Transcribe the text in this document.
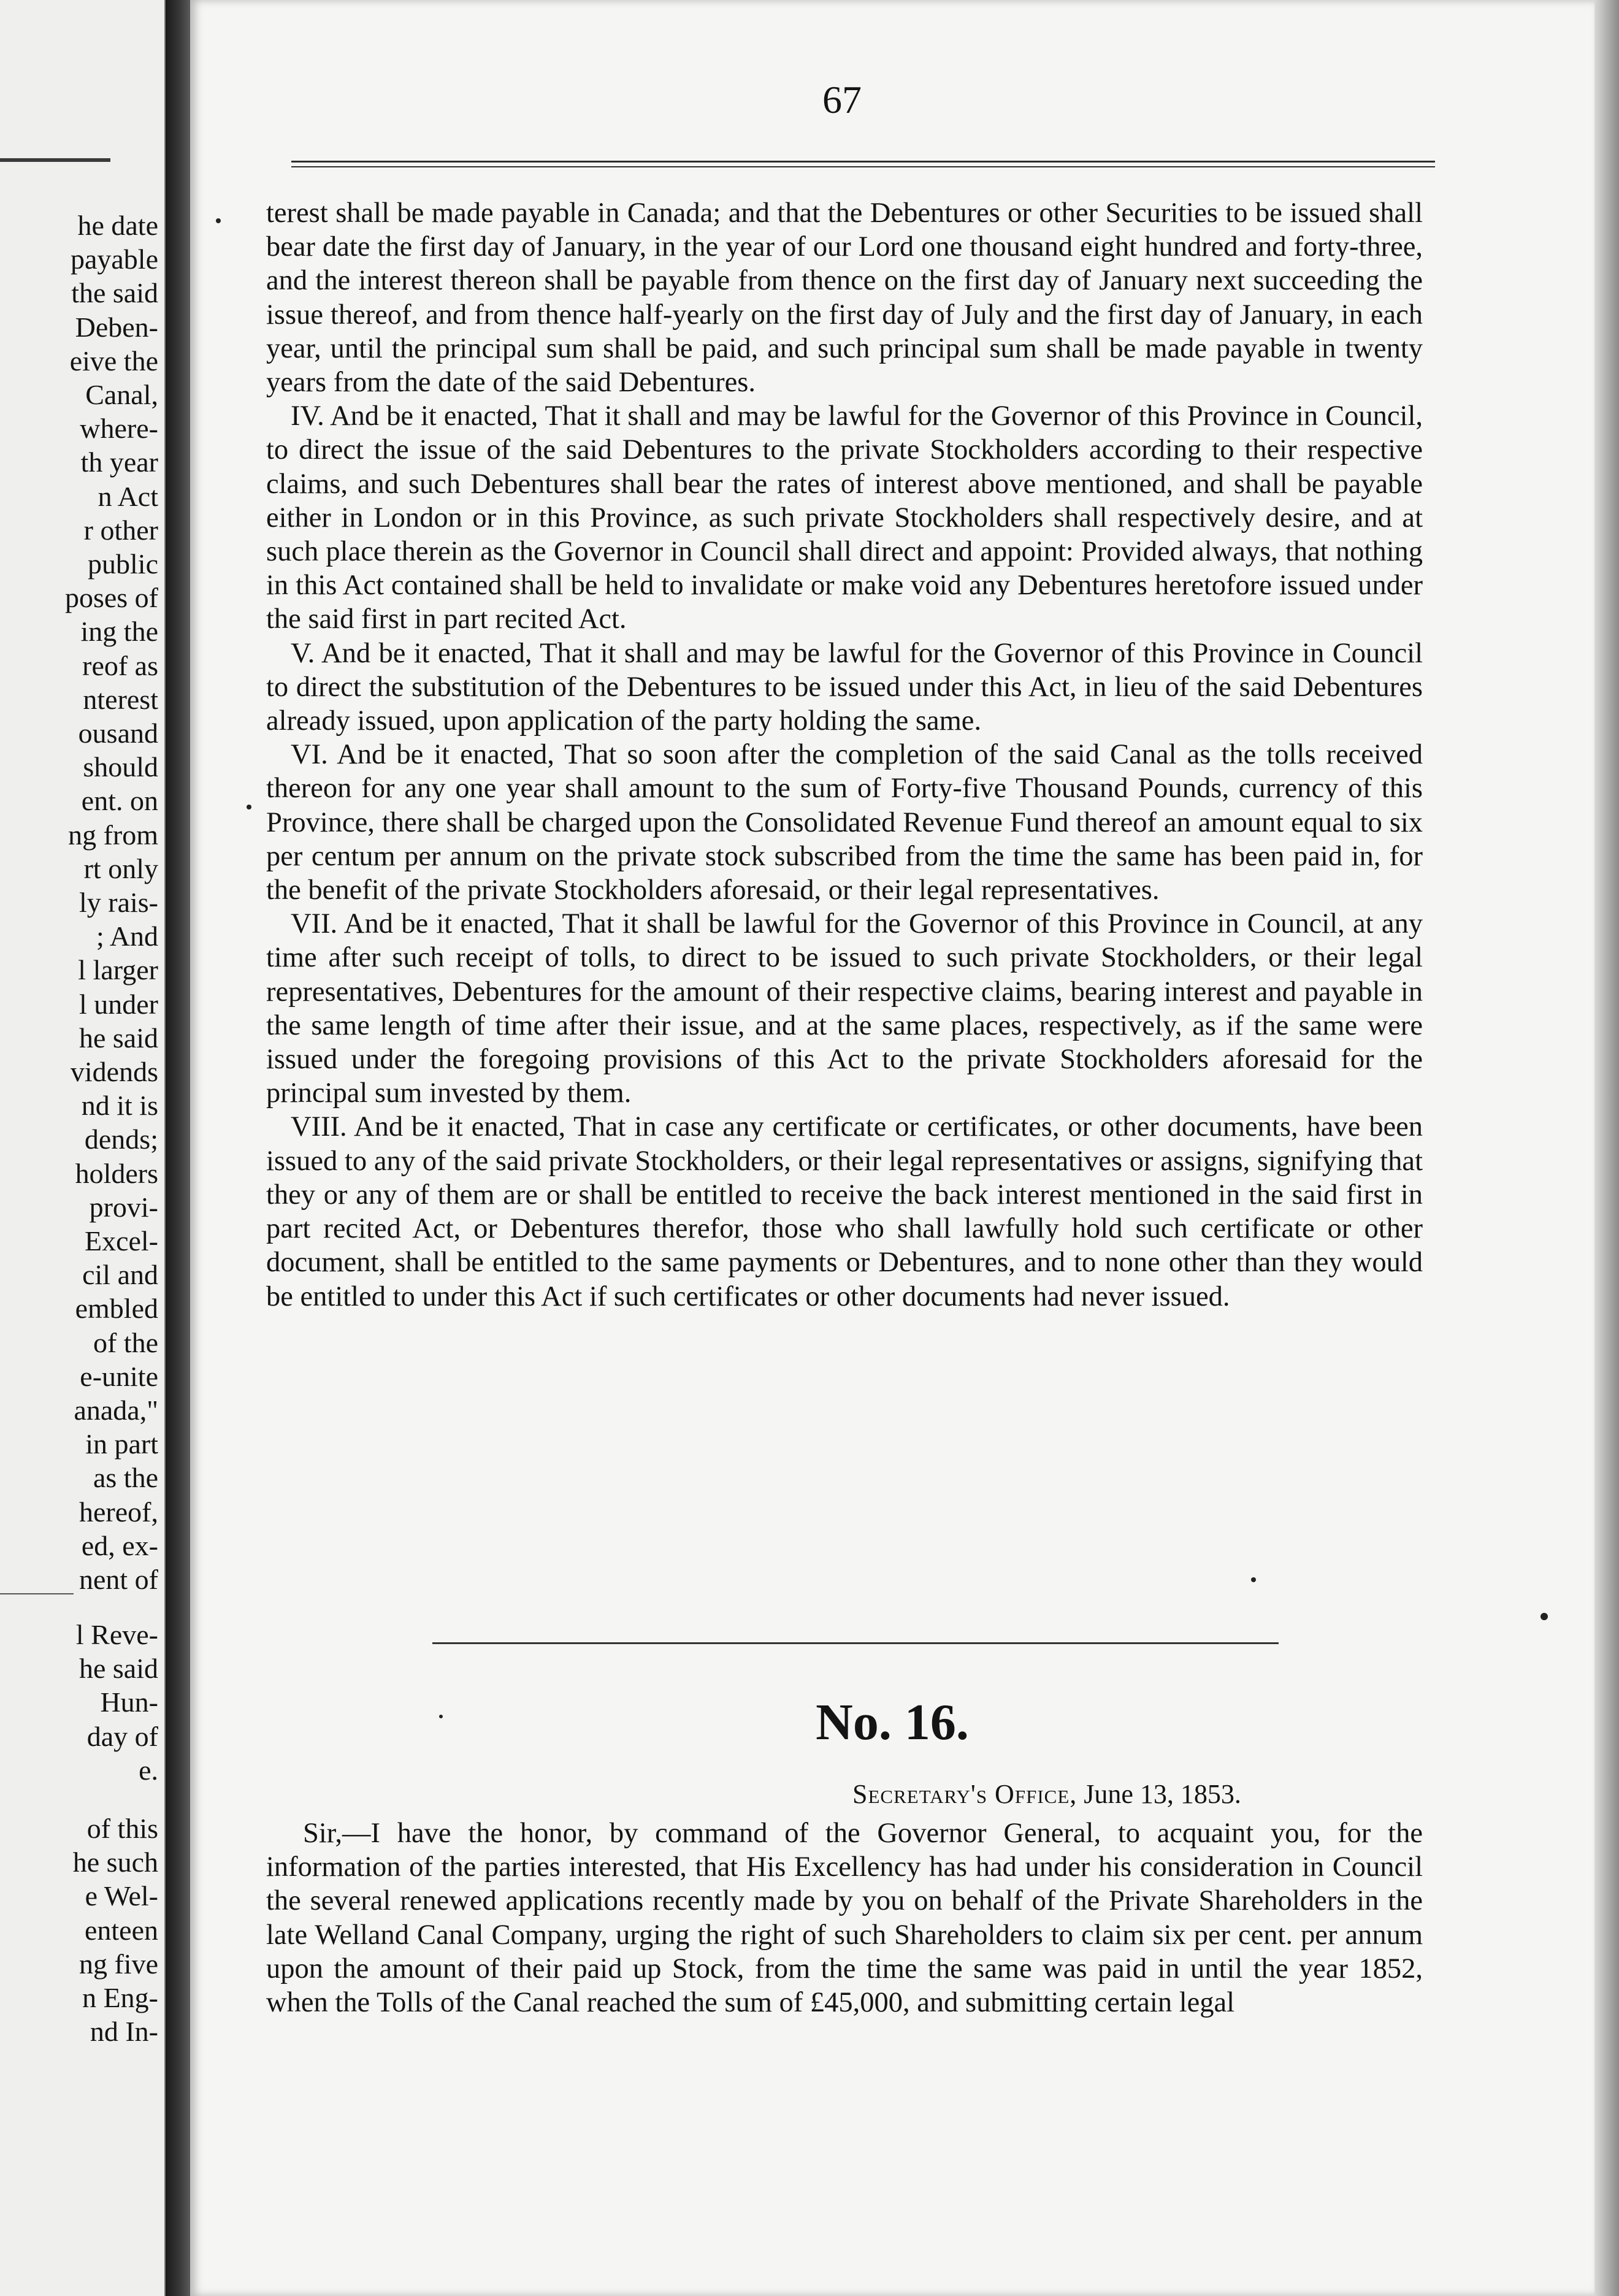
he date
payable
the said
Deben-
eive the
Canal,
where-
th year
n Act
r other
public
poses of
ing the
reof as
nterest
ousand
should
ent. on
ng from
rt only
ly rais-
; And
l larger
l under
he said
vidends
nd it is
dends;
holders
provi-
Excel-
cil and
embled
of the
e-unite
anada,"
in part
as the
hereof,
ed, ex-
nent of
l Reve-
he said
Hun-
day of
e.
of this
he such
e Wel-
enteen
ng five
n Eng-
nd In-
67

terest shall be made payable in Canada; and that the Debentures or other Securities to be issued shall bear date the first day of January, in the year of our Lord one thousand eight hundred and forty-three, and the interest thereon shall be payable from thence on the first day of January next succeeding the issue thereof, and from thence half-yearly on the first day of July and the first day of January, in each year, until the principal sum shall be paid, and such principal sum shall be made payable in twenty years from the date of the said Debentures.

IV. And be it enacted, That it shall and may be lawful for the Governor of this Province in Council, to direct the issue of the said Debentures to the private Stockholders according to their respective claims, and such Debentures shall bear the rates of interest above mentioned, and shall be payable either in London or in this Province, as such private Stockholders shall respectively desire, and at such place therein as the Governor in Council shall direct and appoint: Provided always, that nothing in this Act contained shall be held to invalidate or make void any Debentures heretofore issued under the said first in part recited Act.

V. And be it enacted, That it shall and may be lawful for the Governor of this Province in Council to direct the substitution of the Debentures to be issued under this Act, in lieu of the said Debentures already issued, upon application of the party holding the same.

VI. And be it enacted, That so soon after the completion of the said Canal as the tolls received thereon for any one year shall amount to the sum of Forty-five Thousand Pounds, currency of this Province, there shall be charged upon the Consolidated Revenue Fund thereof an amount equal to six per centum per annum on the private stock subscribed from the time the same has been paid in, for the benefit of the private Stockholders aforesaid, or their legal representatives.

VII. And be it enacted, That it shall be lawful for the Governor of this Province in Council, at any time after such receipt of tolls, to direct to be issued to such private Stockholders, or their legal representatives, Debentures for the amount of their respective claims, bearing interest and payable in the same length of time after their issue, and at the same places, respectively, as if the same were issued under the foregoing provisions of this Act to the private Stockholders aforesaid for the principal sum invested by them.

VIII. And be it enacted, That in case any certificate or certificates, or other documents, have been issued to any of the said private Stockholders, or their legal representatives or assigns, signifying that they or any of them are or shall be entitled to receive the back interest mentioned in the said first in part recited Act, or Debentures therefor, those who shall lawfully hold such certificate or other document, shall be entitled to the same payments or Debentures, and to none other than they would be entitled to under this Act if such certificates or other documents had never issued.

No. 16.
Secretary's Office, June 13, 1853.

Sir,—I have the honor, by command of the Governor General, to acquaint you, for the information of the parties interested, that His Excellency has had under his consideration in Council the several renewed applications recently made by you on behalf of the Private Shareholders in the late Welland Canal Company, urging the right of such Shareholders to claim six per cent. per annum upon the amount of their paid up Stock, from the time the same was paid in until the year 1852, when the Tolls of the Canal reached the sum of £45,000, and submitting certain legal
